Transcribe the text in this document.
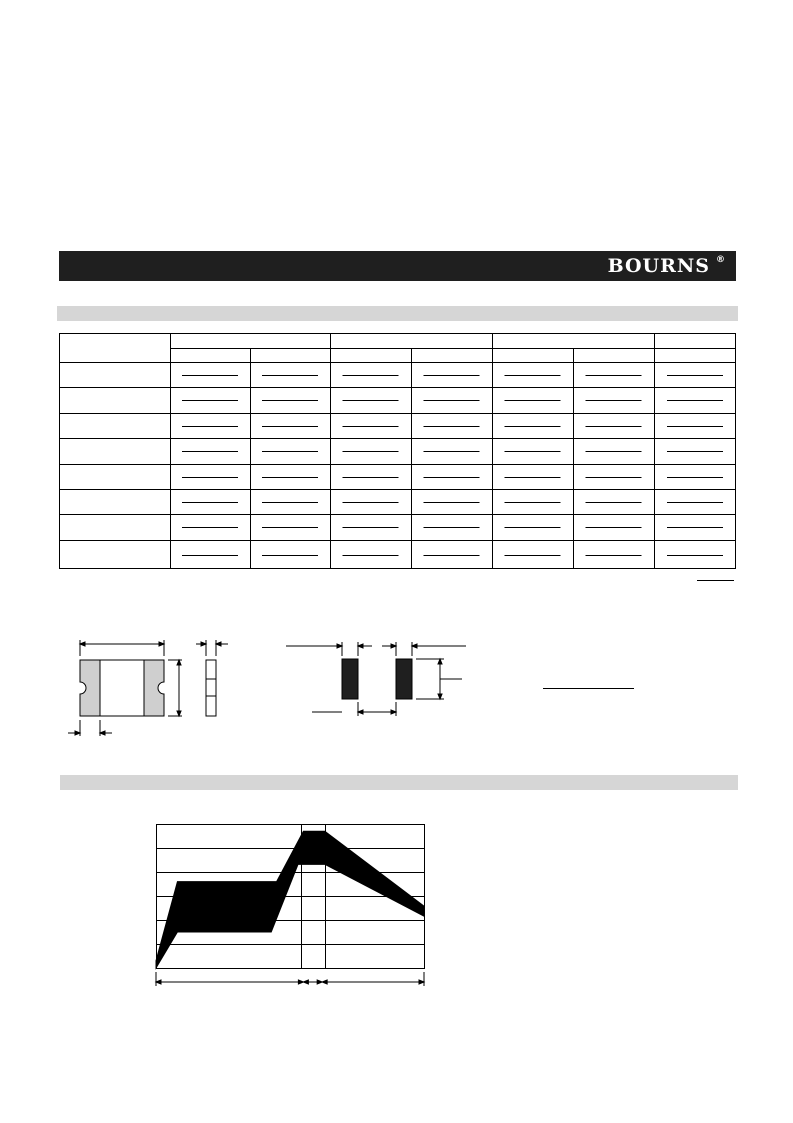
BOURNS ®
